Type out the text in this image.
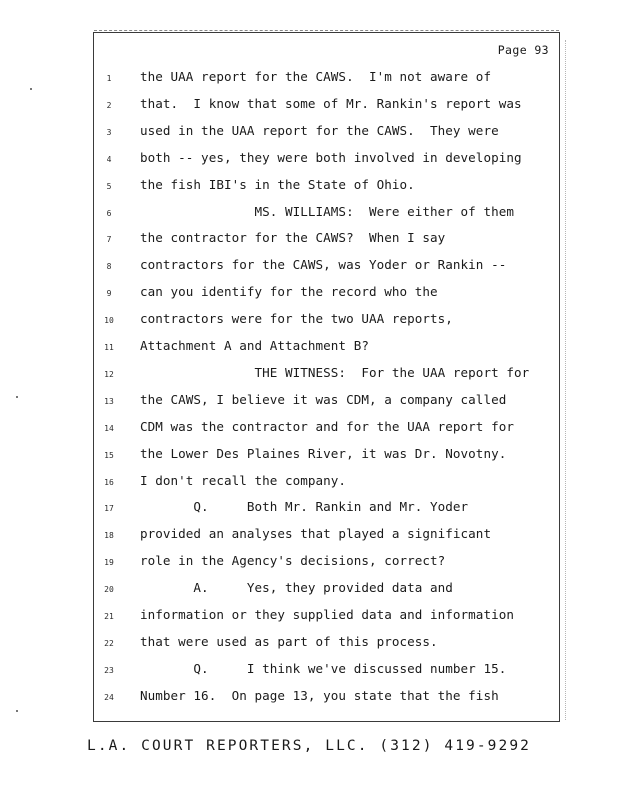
Page 93
1	the UAA report for the CAWS.  I'm not aware of
2	that.  I know that some of Mr. Rankin's report was
3	used in the UAA report for the CAWS.  They were
4	both -- yes, they were both involved in developing
5	the fish IBI's in the State of Ohio.
6	MS. WILLIAMS:  Were either of them
7	the contractor for the CAWS?  When I say
8	contractors for the CAWS, was Yoder or Rankin --
9	can you identify for the record who the
10	contractors were for the two UAA reports,
11	Attachment A and Attachment B?
12	THE WITNESS:  For the UAA report for
13	the CAWS, I believe it was CDM, a company called
14	CDM was the contractor and for the UAA report for
15	the Lower Des Plaines River, it was Dr. Novotny.
16	I don't recall the company.
17	Q.     Both Mr. Rankin and Mr. Yoder
18	provided an analyses that played a significant
19	role in the Agency's decisions, correct?
20	A.     Yes, they provided data and
21	information or they supplied data and information
22	that were used as part of this process.
23	Q.     I think we've discussed number 15.
24	Number 16.  On page 13, you state that the fish
L.A. COURT REPORTERS, LLC. (312) 419-9292
